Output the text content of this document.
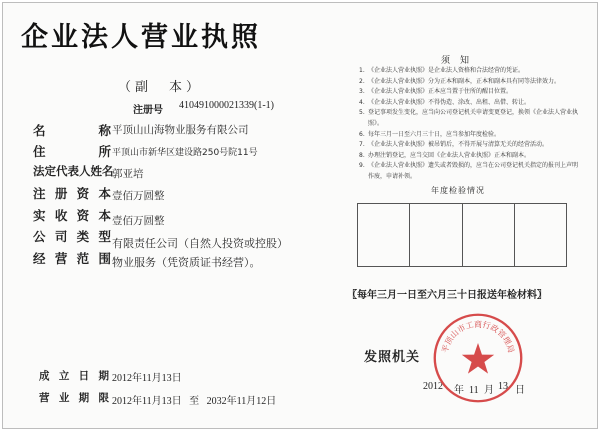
企业法人营业执照
（副　本）
注册号 410491000021339(1-1)
名	称 平顶山山海物业服务有限公司
住	所 平顶山市新华区建设路250号院11号
法定代表人姓名
郭亚培
注 册 资 本 壹佰万圆整
实 收 资 本 壹佰万圆整
公 司 类 型 有限责任公司（自然人投资或控股）
经 营 范 围 物业服务（凭资质证书经营）。
成 立 日 期 2012年11月13日
营 业 期 限 2012年11月13日   至   2032年11月12日
须知
1. 《企业法人营业执照》是企业法人资格和合法经营的凭证。
2. 《企业法人营业执照》分为正本和副本，正本和副本具有同等法律效力。
3. 《企业法人营业执照》正本应当置于住所的醒目位置。
4. 《企业法人营业执照》不得伪造、涂改、出租、出借、转让。
5. 登记事项发生变化，应当向公司登记机关申请变更登记，换领《企业法人营业执照》。
6. 每年三月一日至六月三十日，应当参加年度检验。
7. 《企业法人营业执照》被吊销后，不得开展与清算无关的经营活动。
8. 办理注销登记，应当交回《企业法人营业执照》正本和副本。
9. 《企业法人营业执照》遗失或者毁损的，应当在公司登记机关指定的报刊上声明作废，申请补领。
年度检验情况
〖每年三月一日至六月三十日报送年检材料〗
发照机关
2012 年 11 月 13 日
平顶山市工商行政管理局
